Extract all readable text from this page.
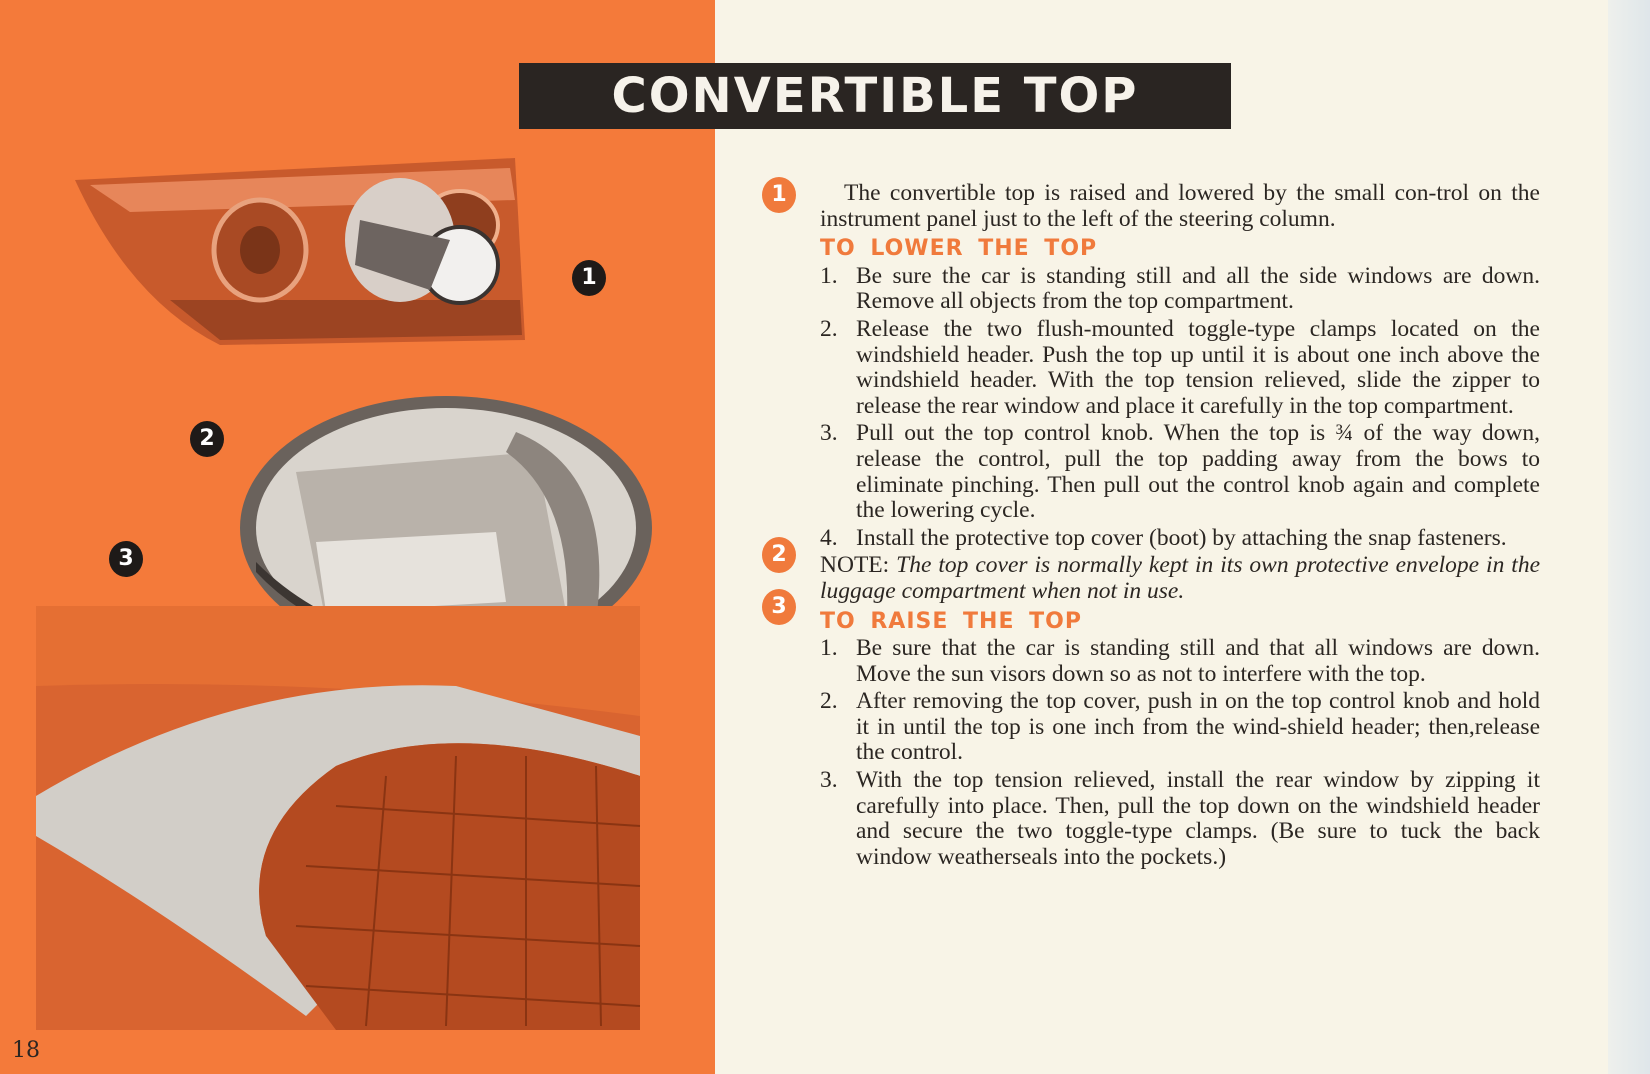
1
2
3
CONVERTIBLE TOP
1
2
3

The convertible top is raised and lowered by the small con-trol on the instrument panel just to the left of the steering column.

TO LOWER THE TOP

1. Be sure the car is standing still and all the side windows are down. Remove all objects from the top compartment.
2. Release the two flush-mounted toggle-type clamps located on the windshield header. Push the top up until it is about one inch above the windshield header. With the top tension relieved, slide the zipper to release the rear window and place it carefully in the top compartment.
3. Pull out the top control knob. When the top is ¾ of the way down, release the control, pull the top padding away from the bows to eliminate pinching. Then pull out the control knob again and complete the lowering cycle.
4. Install the protective top cover (boot) by attaching the snap fasteners.

NOTE: The top cover is normally kept in its own protective envelope in the luggage compartment when not in use.

TO RAISE THE TOP

1. Be sure that the car is standing still and that all windows are down. Move the sun visors down so as not to interfere with the top.
2. After removing the top cover, push in on the top control knob and hold it in until the top is one inch from the wind-shield header; then,release the control.
3. With the top tension relieved, install the rear window by zipping it carefully into place. Then, pull the top down on the windshield header and secure the two toggle-type clamps. (Be sure to tuck the back window weatherseals into the pockets.)
18
